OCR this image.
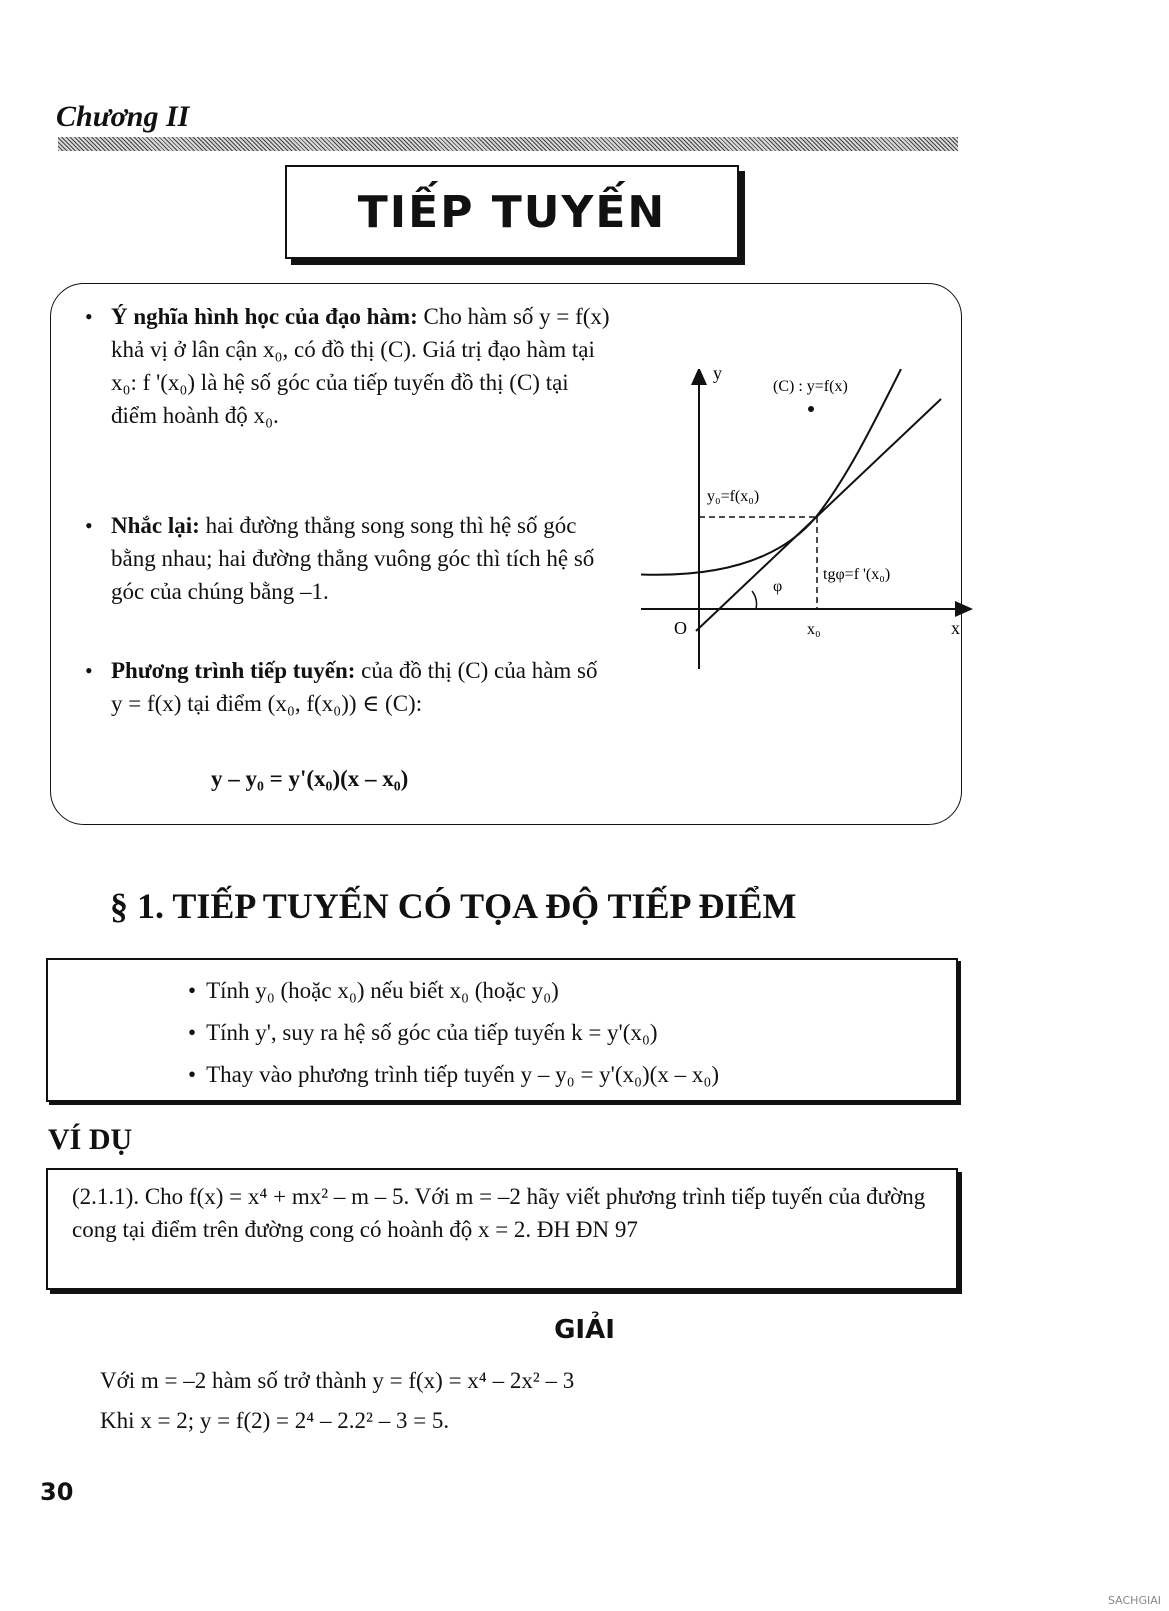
Chương II
TIẾP TUYẾN
• Ý nghĩa hình học của đạo hàm: Cho hàm số y = f(x) khả vị ở lân cận x₀, có đồ thị (C). Giá trị đạo hàm tại x₀: f '(x₀) là hệ số góc của tiếp tuyến đồ thị (C) tại điểm hoành độ x₀.
• Nhắc lại: hai đường thẳng song song thì hệ số góc bằng nhau; hai đường thẳng vuông góc thì tích hệ số góc của chúng bằng –1.
• Phương trình tiếp tuyến: của đồ thị (C) của hàm số y = f(x) tại điểm (x₀, f(x₀)) ∈ (C):
y – y₀ = y'(x₀)(x – x₀)
y
x
O
(C) : y=f(x)
y₀=f(x₀)
x₀
tgφ=f '(x₀)
φ
§ 1. TIẾP TUYẾN CÓ TỌA ĐỘ TIẾP ĐIỂM
• Tính y₀ (hoặc x₀) nếu biết x₀ (hoặc y₀)
• Tính y', suy ra hệ số góc của tiếp tuyến k = y'(x₀)
• Thay vào phương trình tiếp tuyến y – y₀ = y'(x₀)(x – x₀)
VÍ DỤ

(2.1.1). Cho f(x) = x⁴ + mx² – m – 5. Với m = –2 hãy viết phương trình tiếp tuyến của đường cong tại điểm trên đường cong có hoành độ x = 2. ĐH ĐN 97

GIẢI
Với m = –2 hàm số trở thành y = f(x) = x⁴ – 2x² – 3
Khi x = 2; y = f(2) = 2⁴ – 2.2² – 3 = 5.
30
SACHGIAI
